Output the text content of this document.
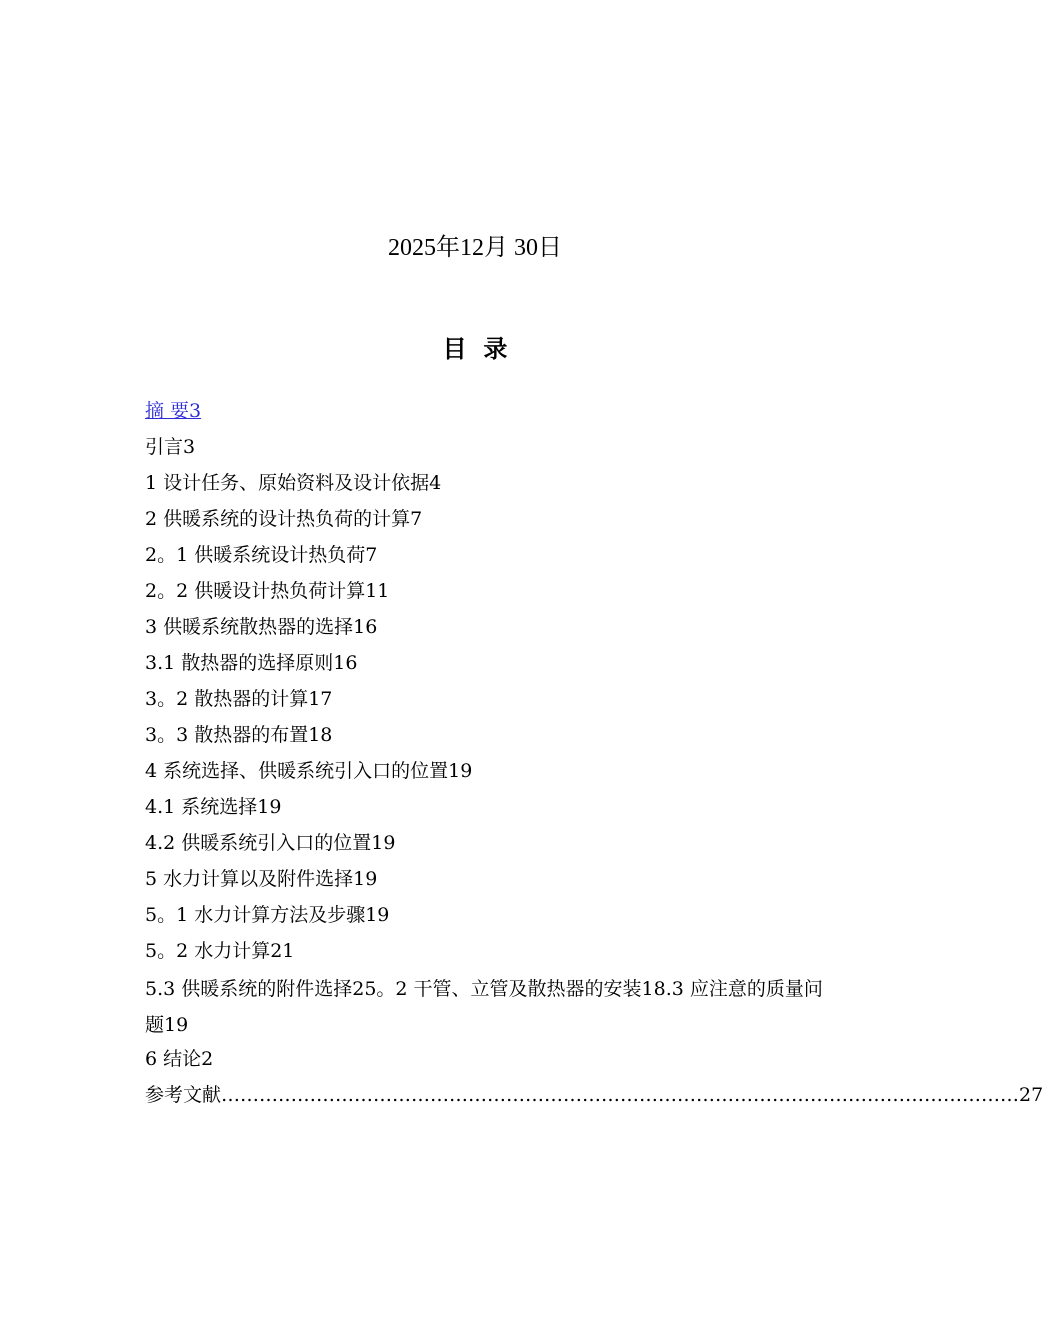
2025年12月 30日
目  录
摘 要3
引言3
1 设计任务、原始资料及设计依据4
2 供暖系统的设计热负荷的计算7
2。1 供暖系统设计热负荷7
2。2 供暖设计热负荷计算11
3 供暖系统散热器的选择16
3.1 散热器的选择原则16
3。2 散热器的计算17
3。3 散热器的布置18
4 系统选择、供暖系统引入口的位置19
4.1 系统选择19
4.2 供暖系统引入口的位置19
5 水力计算以及附件选择19
5。1 水力计算方法及步骤19
5。2 水力计算21
5.3 供暖系统的附件选择25。2 干管、立管及散热器的安装18.3 应注意的质量问题19
6 结论2
参考文献 ……………………………………………………………………………………………………………… 27
